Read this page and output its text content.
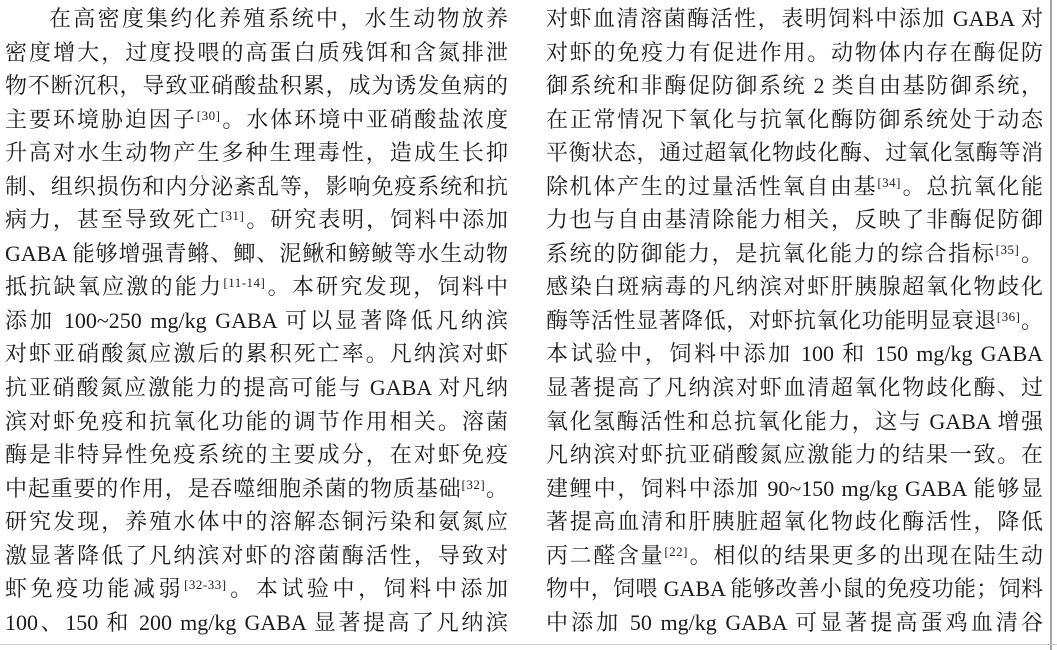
在高密度集约化养殖系统中，水生动物放养
密度增大，过度投喂的高蛋白质残饵和含氮排泄
物不断沉积，导致亚硝酸盐积累，成为诱发鱼病的
主要环境胁迫因子[30]。水体环境中亚硝酸盐浓度
升高对水生动物产生多种生理毒性，造成生长抑
制、组织损伤和内分泌紊乱等，影响免疫系统和抗
病力，甚至导致死亡[31]。研究表明，饲料中添加
GABA 能够增强青鳉、鲫、泥鳅和鳑鲏等水生动物
抵抗缺氧应激的能力[11-14]。本研究发现，饲料中
添加 100~250 mg/kg GABA 可以显著降低凡纳滨
对虾亚硝酸氮应激后的累积死亡率。凡纳滨对虾
抗亚硝酸氮应激能力的提高可能与 GABA 对凡纳
滨对虾免疫和抗氧化功能的调节作用相关。溶菌
酶是非特异性免疫系统的主要成分，在对虾免疫
中起重要的作用，是吞噬细胞杀菌的物质基础[32]。
研究发现，养殖水体中的溶解态铜污染和氨氮应
激显著降低了凡纳滨对虾的溶菌酶活性，导致对
虾免疫功能减弱[32-33]。本试验中，饲料中添加
100、150 和 200 mg/kg GABA 显著提高了凡纳滨
对虾血清溶菌酶活性，表明饲料中添加 GABA 对
对虾的免疫力有促进作用。动物体内存在酶促防
御系统和非酶促防御系统 2 类自由基防御系统，
在正常情况下氧化与抗氧化酶防御系统处于动态
平衡状态，通过超氧化物歧化酶、过氧化氢酶等消
除机体产生的过量活性氧自由基[34]。总抗氧化能
力也与自由基清除能力相关，反映了非酶促防御
系统的防御能力，是抗氧化能力的综合指标[35]。
感染白斑病毒的凡纳滨对虾肝胰腺超氧化物歧化
酶等活性显著降低，对虾抗氧化功能明显衰退[36]。
本试验中，饲料中添加 100 和 150 mg/kg GABA
显著提高了凡纳滨对虾血清超氧化物歧化酶、过
氧化氢酶活性和总抗氧化能力，这与 GABA 增强
凡纳滨对虾抗亚硝酸氮应激能力的结果一致。在
建鲤中，饲料中添加 90~150 mg/kg GABA 能够显
著提高血清和肝胰脏超氧化物歧化酶活性，降低
丙二醛含量[22]。相似的结果更多的出现在陆生动
物中，饲喂 GABA 能够改善小鼠的免疫功能；饲料
中添加 50 mg/kg GABA 可显著提高蛋鸡血清谷
